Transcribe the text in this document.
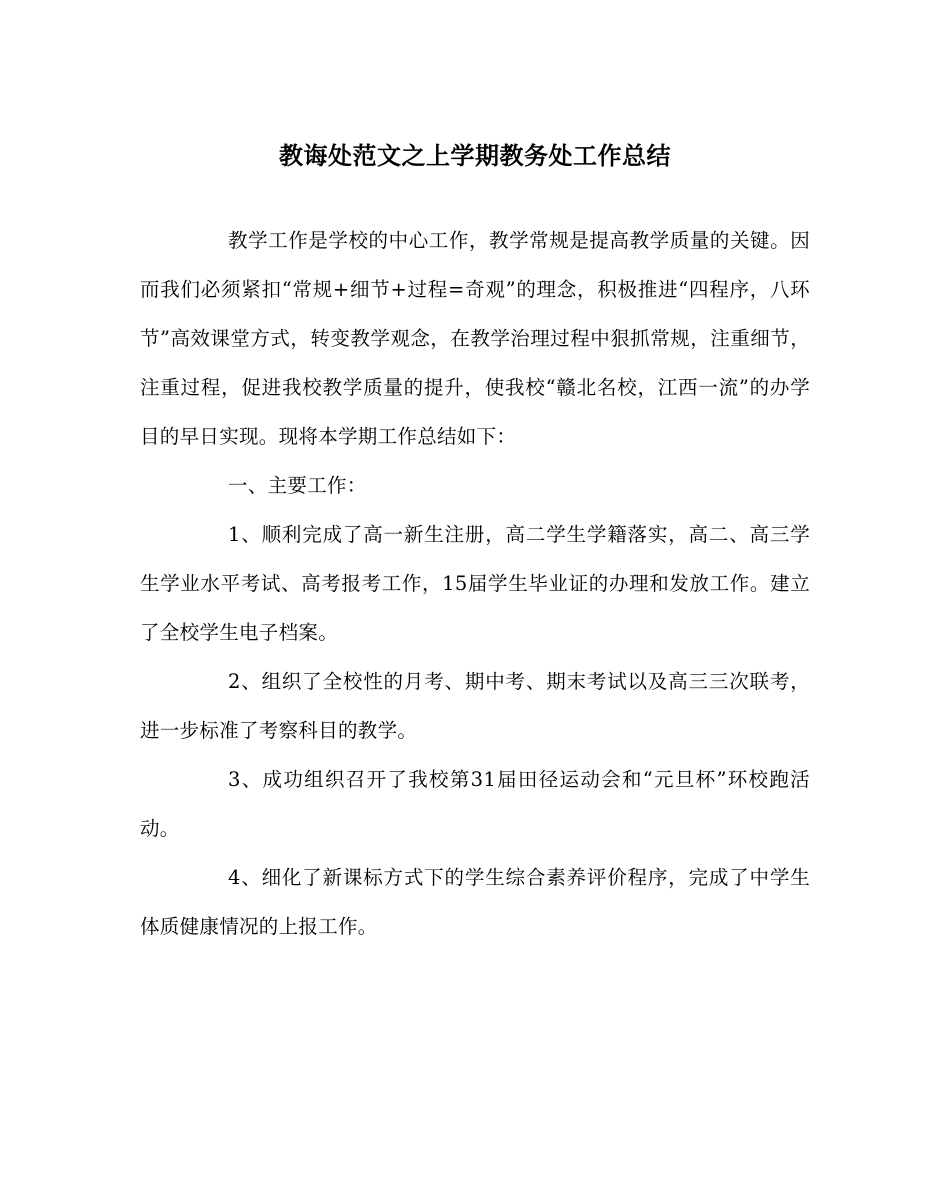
教诲处范文之上学期教务处工作总结

教学工作是学校的中心工作，教学常规是提高教学质量的关键。因而我们必须紧扣“常规+细节+过程=奇观”的理念，积极推进“四程序，八环节”高效课堂方式，转变教学观念，在教学治理过程中狠抓常规，注重细节，注重过程，促进我校教学质量的提升，使我校“赣北名校，江西一流”的办学目的早日实现。现将本学期工作总结如下：

一、主要工作：

1、顺利完成了高一新生注册，高二学生学籍落实，高二、高三学生学业水平考试、高考报考工作，15届学生毕业证的办理和发放工作。建立了全校学生电子档案。

2、组织了全校性的月考、期中考、期末考试以及高三三次联考，进一步标准了考察科目的教学。

3、成功组织召开了我校第31届田径运动会和“元旦杯”环校跑活动。

4、细化了新课标方式下的学生综合素养评价程序，完成了中学生体质健康情况的上报工作。
